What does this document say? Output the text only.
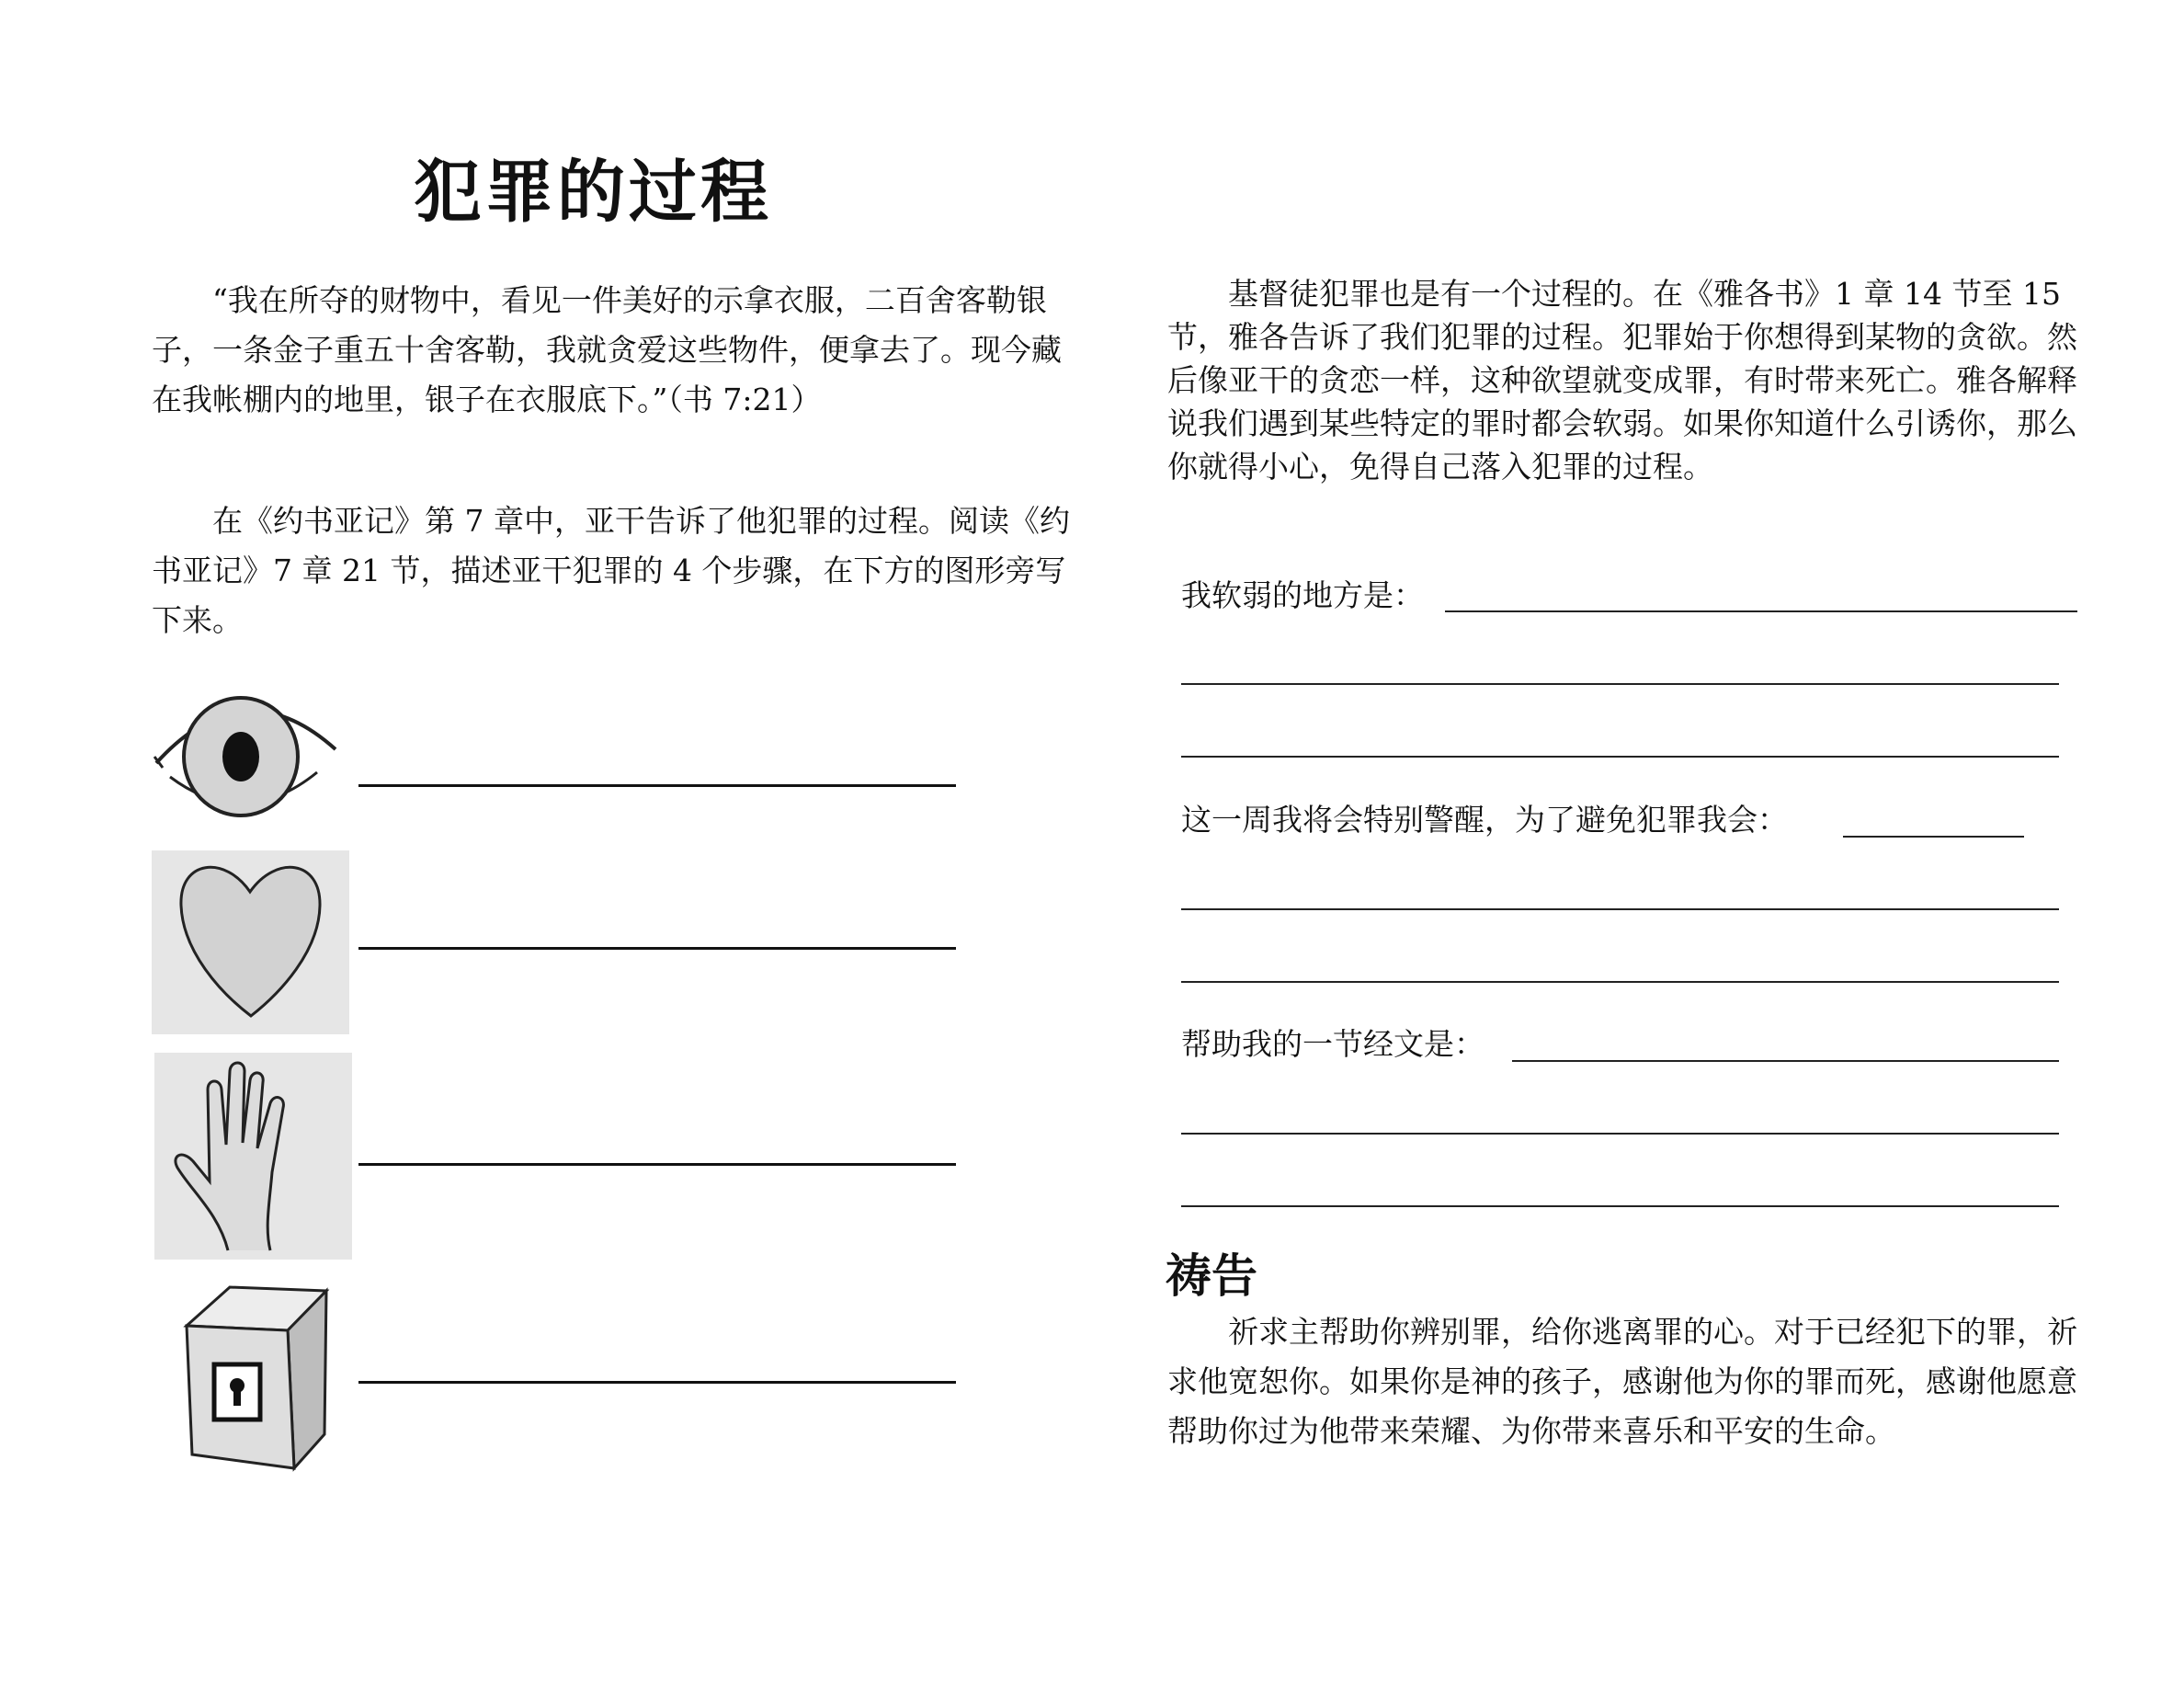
犯罪的过程

“我在所夺的财物中，看见一件美好的示拿衣服，二百舍客勒银子，一条金子重五十舍客勒，我就贪爱这些物件，便拿去了。现今藏在我帐棚内的地里，银子在衣服底下。”（书 7:21）

在《约书亚记》第 7 章中，亚干告诉了他犯罪的过程。阅读《约书亚记》7 章 21 节，描述亚干犯罪的 4 个步骤，在下方的图形旁写下来。

基督徒犯罪也是有一个过程的。在《雅各书》1 章 14 节至 15 节，雅各告诉了我们犯罪的过程。犯罪始于你想得到某物的贪欲。然后像亚干的贪恋一样，这种欲望就变成罪，有时带来死亡。雅各解释说我们遇到某些特定的罪时都会软弱。如果你知道什么引诱你，那么你就得小心，免得自己落入犯罪的过程。

我软弱的地方是：
这一周我将会特别警醒，为了避免犯罪我会：
帮助我的一节经文是：
祷告

祈求主帮助你辨别罪，给你逃离罪的心。对于已经犯下的罪，祈求他宽恕你。如果你是神的孩子，感谢他为你的罪而死，感谢他愿意帮助你过为他带来荣耀、为你带来喜乐和平安的生命。
